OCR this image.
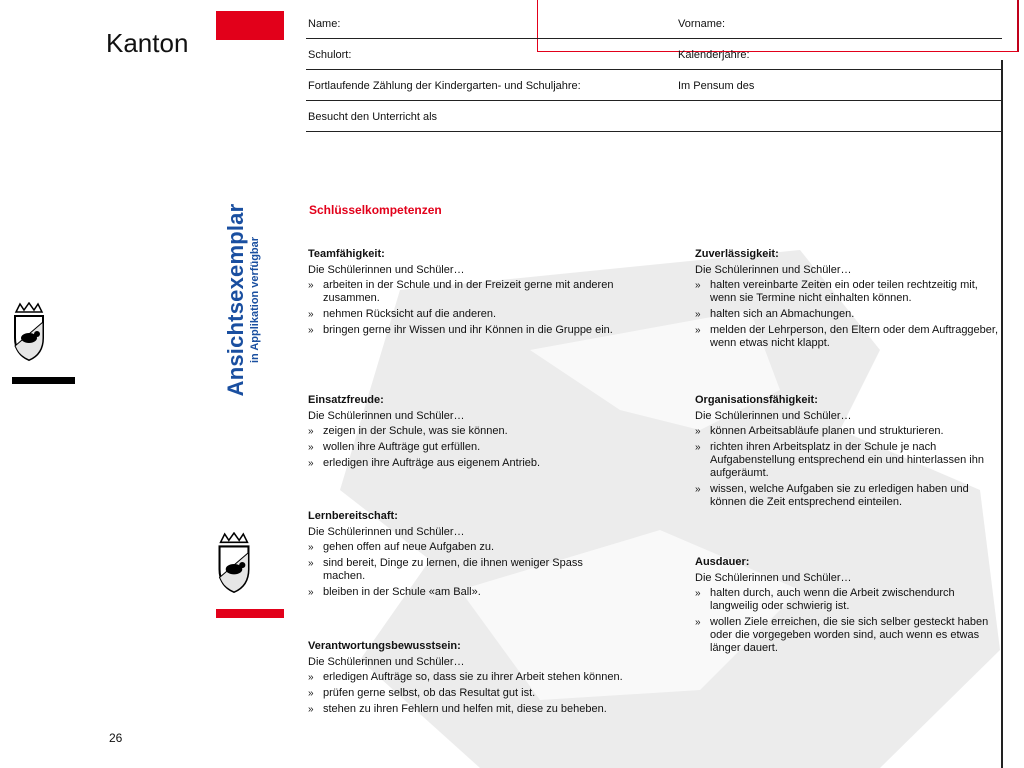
Kanton
26
Ansichtsexemplar in Applikation verfügbar
Name:	Vorname:
Schulort:	Kalenderjahre:
Fortlaufende Zählung der Kindergarten- und Schuljahre:	Im Pensum des
Besucht den Unterricht als
Schlüsselkompetenzen
Teamfähigkeit:
Die Schülerinnen und Schüler…
» arbeiten in der Schule und in der Freizeit gerne mit anderen zusammen.
» nehmen Rücksicht auf die anderen.
» bringen gerne ihr Wissen und ihr Können in die Gruppe ein.
Einsatzfreude:
Die Schülerinnen und Schüler…
» zeigen in der Schule, was sie können.
» wollen ihre Aufträge gut erfüllen.
» erledigen ihre Aufträge aus eigenem Antrieb.
Lernbereitschaft:
Die Schülerinnen und Schüler…
» gehen offen auf neue Aufgaben zu.
» sind bereit, Dinge zu lernen, die ihnen weniger Spass machen.
» bleiben in der Schule «am Ball».
Verantwortungsbewusstsein:
Die Schülerinnen und Schüler…
» erledigen Aufträge so, dass sie zu ihrer Arbeit stehen können.
» prüfen gerne selbst, ob das Resultat gut ist.
» stehen zu ihren Fehlern und helfen mit, diese zu beheben.
Zuverlässigkeit:
Die Schülerinnen und Schüler…
» halten vereinbarte Zeiten ein oder teilen rechtzeitig mit, wenn sie Termine nicht einhalten können.
» halten sich an Abmachungen.
» melden der Lehrperson, den Eltern oder dem Auftraggeber, wenn etwas nicht klappt.
Organisationsfähigkeit:
Die Schülerinnen und Schüler…
» können Arbeitsabläufe planen und strukturieren.
» richten ihren Arbeitsplatz in der Schule je nach Aufgabenstellung entsprechend ein und hinterlassen ihn aufgeräumt.
» wissen, welche Aufgaben sie zu erledigen haben und können die Zeit entsprechend einteilen.
Ausdauer:
Die Schülerinnen und Schüler…
» halten durch, auch wenn die Arbeit zwischendurch langweilig oder schwierig ist.
» wollen Ziele erreichen, die sie sich selber gesteckt haben oder die vorgegeben worden sind, auch wenn es etwas länger dauert.
